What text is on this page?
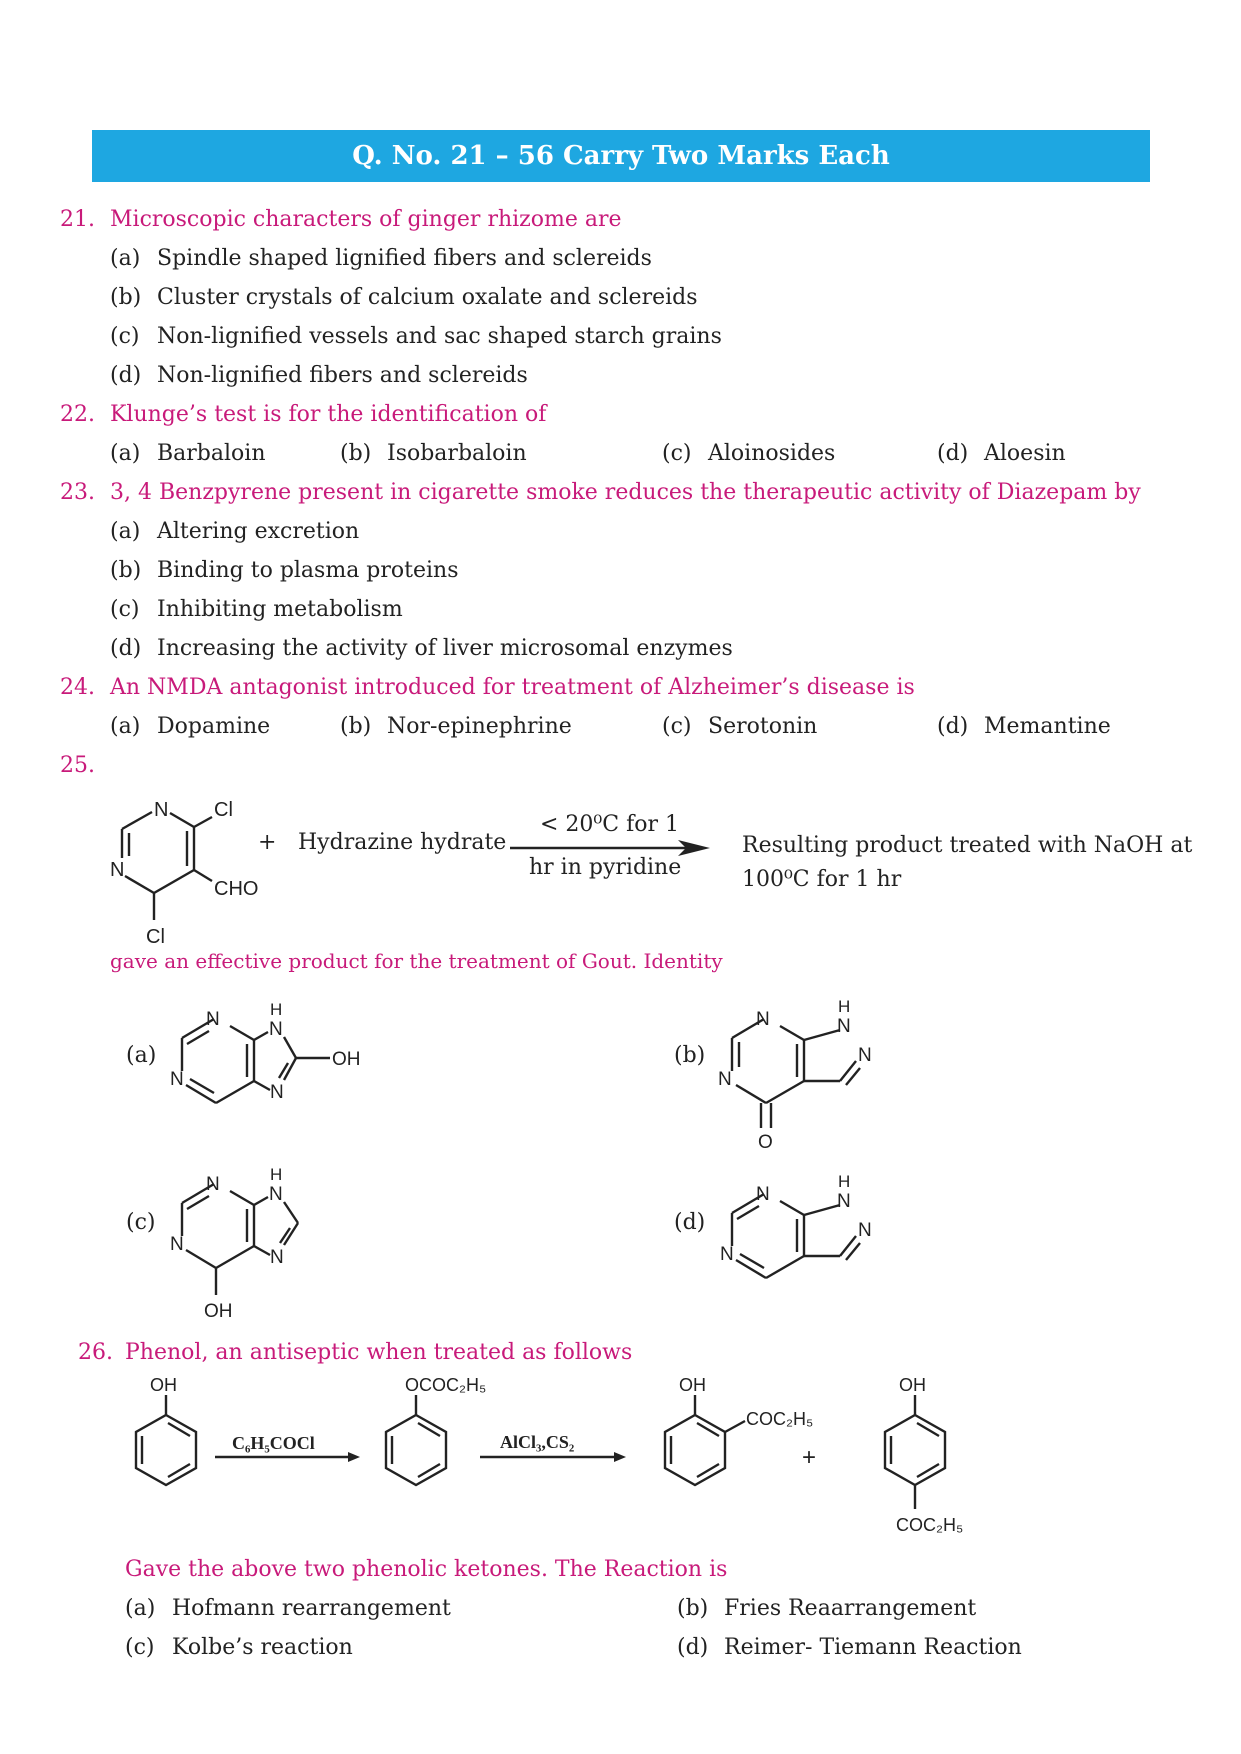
Q. No. 21 – 56 Carry Two Marks Each
21. Microscopic characters of ginger rhizome are
(a) Spindle shaped lignified fibers and sclereids
(b) Cluster crystals of calcium oxalate and sclereids
(c) Non-lignified vessels and sac shaped starch grains
(d) Non-lignified fibers and sclereids
22. Klunge’s test is for the identification of
(a) Barbaloin	(b) Isobarbaloin	(c) Aloinosides	(d) Aloesin
23. 3, 4 Benzpyrene present in cigarette smoke reduces the therapeutic activity of Diazepam by
(a) Altering excretion
(b) Binding to plasma proteins
(c) Inhibiting metabolism
(d) Increasing the activity of liver microsomal enzymes
24. An NMDA antagonist introduced for treatment of Alzheimer’s disease is
(a) Dopamine	(b) Nor-epinephrine	(c) Serotonin	(d) Memantine
25.
N Cl
N
CHO
Cl
+ Hydrazine hydrate
< 20⁰C for 1
hr in pyridine
Resulting product treated with NaOH at
100⁰C for 1 hr
gave an effective product for the treatment of Gout. Identity
(a)
N
N
H
N
N
OH	(b)
N
N
H
N
N
O
(c)
N
N
H
N
N
OH
(d)
N
N
H
N
N
26. Phenol, an antiseptic when treated as follows
OH
C₆H₅COCl
OCOC₂H₅
AlCl₃,CS₂
OH
COC₂H₅
+
OH
COC₂H₅
Gave the above two phenolic ketones. The Reaction is
(a) Hofmann rearrangement	(b) Fries Reaarrangement
(c) Kolbe’s reaction	(d) Reimer- Tiemann Reaction
